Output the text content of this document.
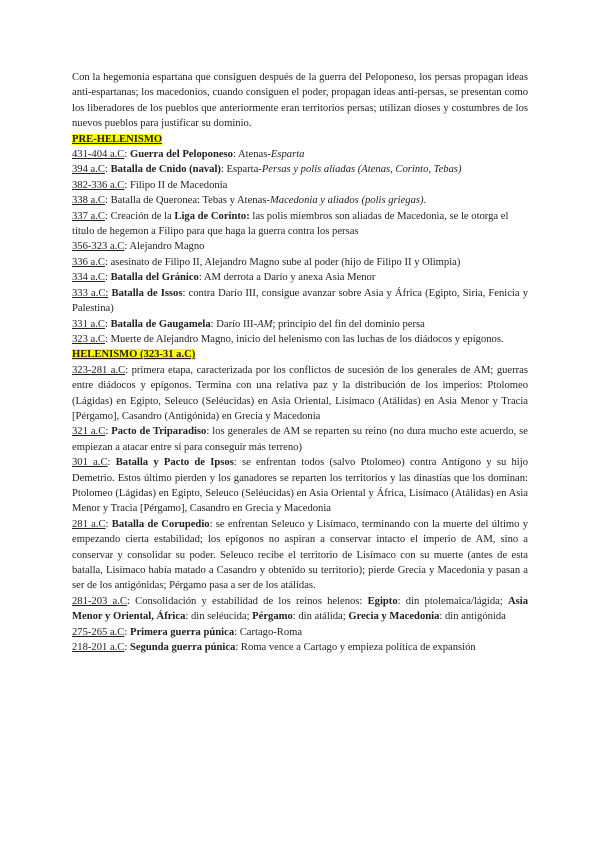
Con la hegemonía espartana que consiguen después de la guerra del Peloponeso, los persas propagan ideas anti-espartanas; los macedonios, cuando consiguen el poder, propagan ideas anti-persas, se presentan como los liberadores de los pueblos que anteriormente eran territorios persas; utilizan dioses y costumbres de los nuevos pueblos para justificar su dominio.

PRE-HELENISMO

431-404 a.C: Guerra del Peloponeso: Atenas-Esparta

394 a.C: Batalla de Cnido (naval): Esparta-Persas y polis aliadas (Atenas, Corinto, Tebas)

382-336 a.C: Filipo II de Macedonia

338 a.C: Batalla de Queronea: Tebas y Atenas-Macedonia y aliados (polis griegas).

337 a.C: Creación de la Liga de Corinto: las polis miembros son aliadas de Macedonia, se le otorga el título de hegemon a Filipo para que haga la guerra contra los persas

356-323 a.C: Alejandro Magno

336 a.C: asesinato de Filipo II, Alejandro Magno sube al poder (hijo de Filipo II y Olimpia)

334 a.C: Batalla del Gránico: AM derrota a Darío y anexa Asia Menor

333 a.C: Batalla de Issos: contra Darío III, consigue avanzar sobre Asia y África (Egipto, Siria, Fenicia y Palestina)

331 a.C: Batalla de Gaugamela: Darío III-AM; principio del fin del dominio persa

323 a.C: Muerte de Alejandro Magno, inicio del helenismo con las luchas de los diádocos y epígonos.

HELENISMO (323-31 a.C)

323-281 a.C: primera etapa, caracterizada por los conflictos de sucesión de los generales de AM; guerras entre diádocos y epígonos. Termina con una relativa paz y la distribución de los imperios: Ptolomeo (Lágidas) en Egipto, Seleuco (Seléucidas) en Asia Oriental, Lisímaco (Atálidas) en Asia Menor y Tracia [Pérgamo], Casandro (Antigónida) en Grecia y Macedonia

321 a.C: Pacto de Triparadiso: los generales de AM se reparten su reino (no dura mucho este acuerdo, se empiezan a atacar entre sí para conseguir más terreno)

301 a.C: Batalla y Pacto de Ipsos: se enfrentan todos (salvo Ptolomeo) contra Antígono y su hijo Demetrio. Estos último pierden y los ganadores se reparten los territorios y las dinastías que los dominan: Ptolomeo (Lágidas) en Egipto, Seleuco (Seléucidas) en Asia Oriental y África, Lisímaco (Atálidas) en Asia Menor y Tracia [Pérgamo], Casandro en Grecia y Macedonia

281 a.C: Batalla de Corupedio: se enfrentan Seleuco y Lisímaco, terminando con la muerte del último y empezando cierta estabilidad; los epígonos no aspiran a conservar intacto el imperio de AM, sino a conservar y consolidar su poder. Seleuco recibe el territorio de Lisímaco con su muerte (antes de esta batalla, Lisímaco había matado a Casandro y obtenido su territorio); pierde Grecia y Macedonia y pasan a ser de los antigónidas; Pérgamo pasa a ser de los atálidas.

281-203 a.C: Consolidación y estabilidad de los reinos helenos: Egipto: din ptolemaica/lágida; Asia Menor y Oriental, África: din seléucida; Pérgamo: din atálida; Grecia y Macedonia: din antigónida

275-265 a.C: Primera guerra púnica: Cartago-Roma

218-201 a.C: Segunda guerra púnica: Roma vence a Cartago y empieza política de expansión
